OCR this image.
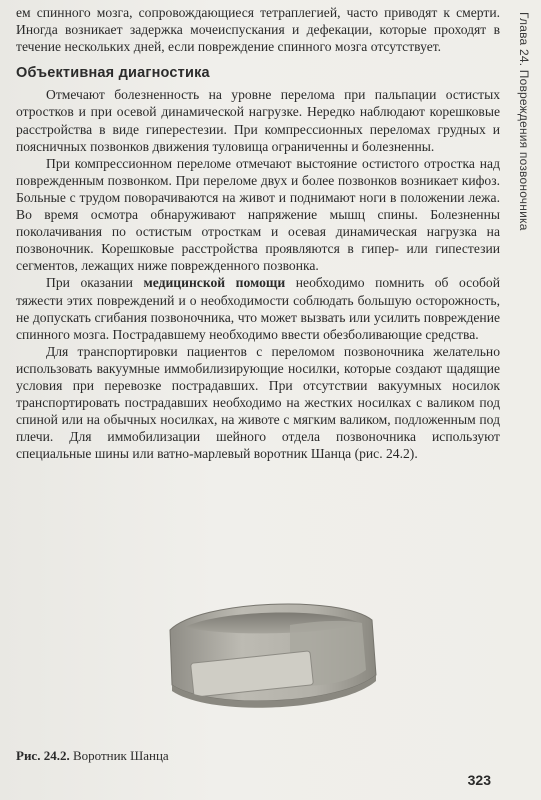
Глава 24. Повреждения позвоночника

ем спинного мозга, сопровождающиеся тетраплегией, часто приводят к смерти. Иногда возникает задержка мочеиспускания и дефекации, которые проходят в течение нескольких дней, если повреждение спинного мозга отсутствует.

Объективная диагностика

Отмечают болезненность на уровне перелома при пальпации остистых отростков и при осевой динамической нагрузке. Нередко наблюдают корешковые расстройства в виде гиперестезии. При компрессионных переломах грудных и поясничных позвонков движения туловища ограниченны и болезненны.

При компрессионном переломе отмечают выстояние остистого отростка над поврежденным позвонком. При переломе двух и более позвонков возникает кифоз. Больные с трудом поворачиваются на живот и поднимают ноги в положении лежа. Во время осмотра обнаруживают напряжение мышц спины. Болезненны поколачивания по остистым отросткам и осевая динамическая нагрузка на позвоночник. Корешковые расстройства проявляются в гипер- или гипестезии сегментов, лежащих ниже поврежденного позвонка.

При оказании медицинской помощи необходимо помнить об особой тяжести этих повреждений и о необходимости соблюдать большую осторожность, не допускать сгибания позвоночника, что может вызвать или усилить повреждение спинного мозга. Пострадавшему необходимо ввести обезболивающие средства.

Для транспортировки пациентов с переломом позвоночника желательно использовать вакуумные иммобилизирующие носилки, которые создают щадящие условия при перевозке пострадавших. При отсутствии вакуумных носилок транспортировать пострадавших необходимо на жестких носилках с валиком под спиной или на обычных носилках, на животе с мягким валиком, подложенным под плечи. Для иммобилизации шейного отдела позвоночника используют специальные шины или ватно-марлевый воротник Шанца (рис. 24.2).

Рис. 24.2. Воротник Шанца
323
